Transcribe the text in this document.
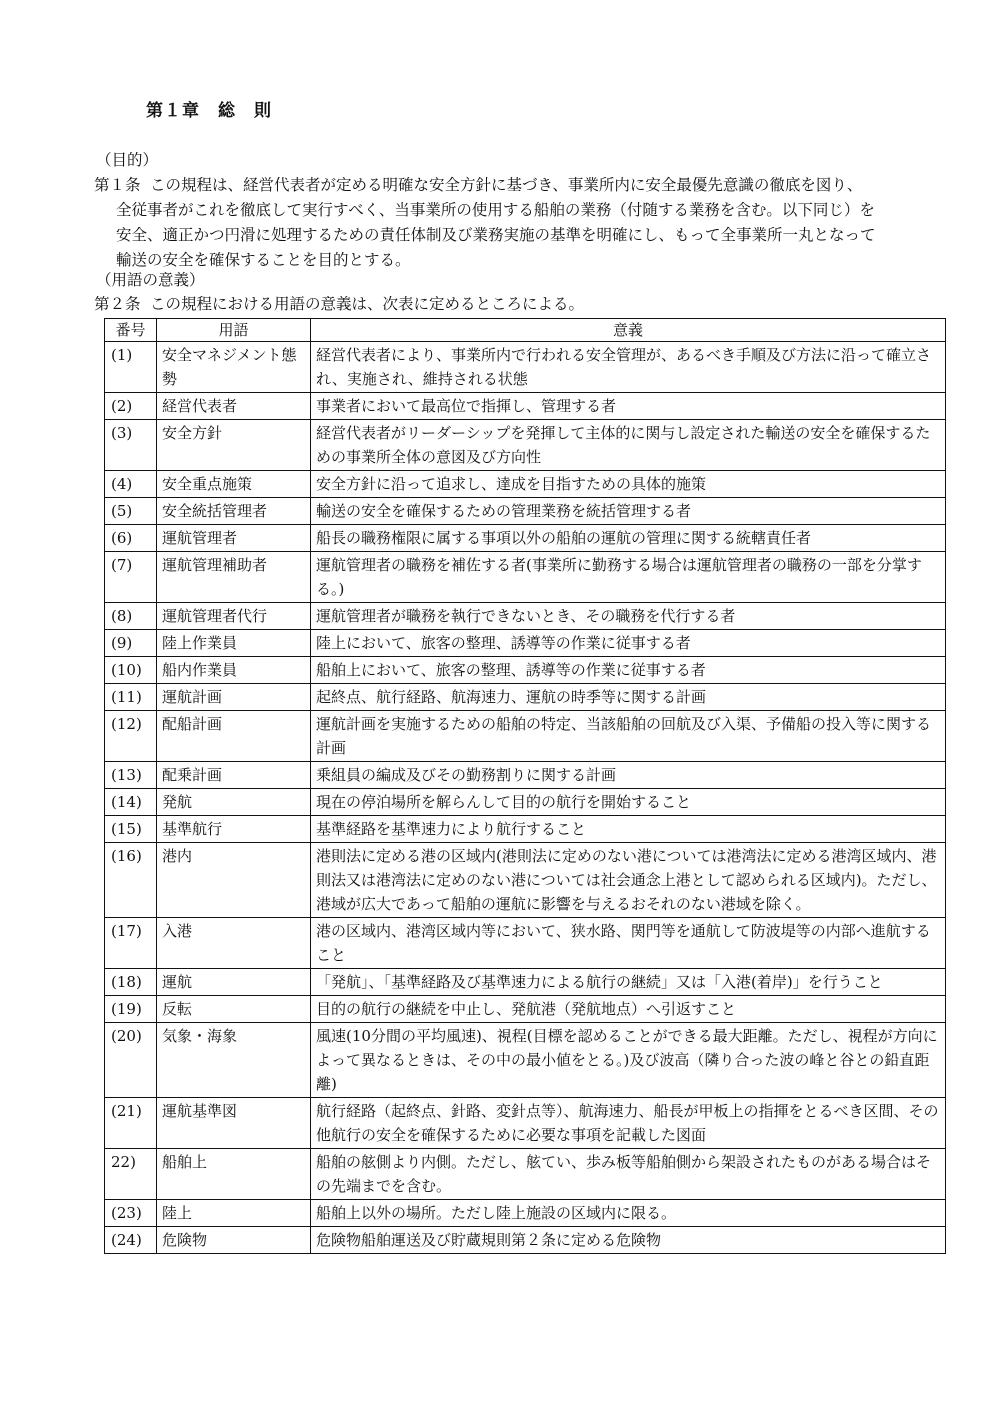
第１章　総　則
（目的）
第１条 この規程は、経営代表者が定める明確な安全方針に基づき、事業所内に安全最優先意識の徹底を図り、
全従事者がこれを徹底して実行すべく、当事業所の使用する船舶の業務（付随する業務を含む。以下同じ）を
安全、適正かつ円滑に処理するための責任体制及び業務実施の基準を明確にし、もって全事業所一丸となって
輸送の安全を確保することを目的とする。
（用語の意義）
第２条 この規程における用語の意義は、次表に定めるところによる。
番号	用語	意義
(1)	安全マネジメント態勢	経営代表者により、事業所内で行われる安全管理が、あるべき手順及び方法に沿って確立され、実施され、維持される状態
(2)	経営代表者	事業者において最高位で指揮し、管理する者
(3)	安全方針	経営代表者がリーダーシップを発揮して主体的に関与し設定された輸送の安全を確保するための事業所全体の意図及び方向性
(4)	安全重点施策	安全方針に沿って追求し、達成を目指すための具体的施策
(5)	安全統括管理者	輸送の安全を確保するための管理業務を統括管理する者
(6)	運航管理者	船長の職務権限に属する事項以外の船舶の運航の管理に関する統轄責任者
(7)	運航管理補助者	運航管理者の職務を補佐する者(事業所に勤務する場合は運航管理者の職務の一部を分掌する。)
(8)	運航管理者代行	運航管理者が職務を執行できないとき、その職務を代行する者
(9)	陸上作業員	陸上において、旅客の整理、誘導等の作業に従事する者
(10)	船内作業員	船舶上において、旅客の整理、誘導等の作業に従事する者
(11)	運航計画	起終点、航行経路、航海速力、運航の時季等に関する計画
(12)	配船計画	運航計画を実施するための船舶の特定、当該船舶の回航及び入渠、予備船の投入等に関する計画
(13)	配乗計画	乗組員の編成及びその勤務割りに関する計画
(14)	発航	現在の停泊場所を解らんして目的の航行を開始すること
(15)	基準航行	基準経路を基準速力により航行すること
(16)	港内	港則法に定める港の区域内(港則法に定めのない港については港湾法に定める港湾区域内、港則法又は港湾法に定めのない港については社会通念上港として認められる区域内)。ただし、港域が広大であって船舶の運航に影響を与えるおそれのない港域を除く。
(17)	入港	港の区域内、港湾区域内等において、狭水路、関門等を通航して防波堤等の内部へ進航すること
(18)	運航	「発航」、「基準経路及び基準速力による航行の継続」又は「入港(着岸)」を行うこと
(19)	反転	目的の航行の継続を中止し、発航港（発航地点）へ引返すこと
(20)	気象・海象	風速(10分間の平均風速)、視程(目標を認めることができる最大距離。ただし、視程が方向によって異なるときは、その中の最小値をとる。)及び波高（隣り合った波の峰と谷との鉛直距離)
(21)	運航基準図	航行経路（起終点、針路、変針点等）、航海速力、船長が甲板上の指揮をとるべき区間、その他航行の安全を確保するために必要な事項を記載した図面
22)	船舶上	船舶の舷側より内側。ただし、舷てい、歩み板等船舶側から架設されたものがある場合はその先端までを含む。
(23)	陸上	船舶上以外の場所。ただし陸上施設の区域内に限る。
(24)	危険物	危険物船舶運送及び貯蔵規則第２条に定める危険物
